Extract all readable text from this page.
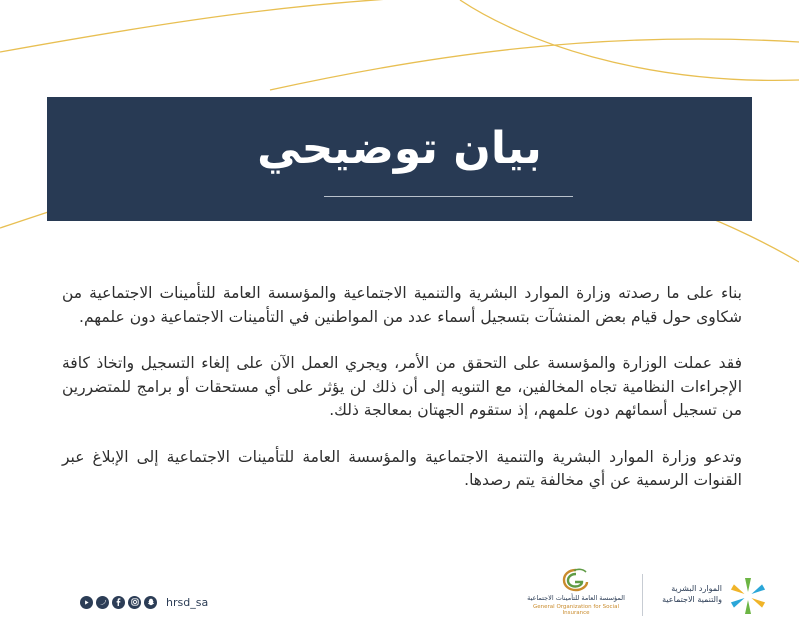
بيان توضيحي

بناء على ما رصدته وزارة الموارد البشرية والتنمية الاجتماعية والمؤسسة العامة للتأمينات الاجتماعية من شكاوى حول قيام بعض المنشآت بتسجيل أسماء عدد من المواطنين في التأمينات الاجتماعية دون علمهم.

فقد عملت الوزارة والمؤسسة على التحقق من الأمر، ويجري العمل الآن على إلغاء التسجيل واتخاذ كافة الإجراءات النظامية تجاه المخالفين، مع التنويه إلى أن ذلك لن يؤثر على أي مستحقات أو برامج للمتضررين من تسجيل أسمائهم دون علمهم، إذ ستقوم الجهتان بمعالجة ذلك.

وتدعو وزارة الموارد البشرية والتنمية الاجتماعية والمؤسسة العامة للتأمينات الاجتماعية إلى الإبلاغ عبر القنوات الرسمية عن أي مخالفة يتم رصدها.

hrsd_sa	المؤسسة العامة للتأمينات الاجتماعية
General Organization for Social Insurance
الموارد البشرية والتنمية الاجتماعية
